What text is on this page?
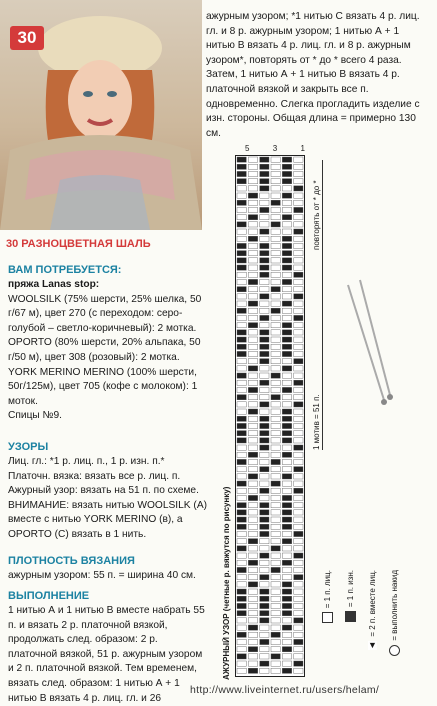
30
ажурным узором; *1 нитью С вязать 4 р. лиц. гл. и 8 р. ажурным узором; 1 нитью А + 1 нитью В вязать 4 р. лиц. гл. и 8 р. ажурным узором*, повторять от * до * всего 4 раза. Затем, 1 нитью А + 1 нитью В вязать 4 р. платочной вязкой и закрыть все п. одновременно. Слегка прогладить изделие с изн. стороны. Общая длина = примерно 130 см.
30 РАЗНОЦВЕТНАЯ ШАЛЬ
ВАМ ПОТРЕБУЕТСЯ:
пряжа Lanas stop:
WOOLSILK (75% шерсти, 25% шелка, 50 г/67 м), цвет 270 (с переходом: серо-голубой – светло-коричневый): 2 мотка.
OPORTO (80% шерсти, 20% альпака, 50 г/50 м), цвет 308 (розовый): 2 мотка.
YORK MERINO MERINO (100% шерсти, 50г/125м), цвет 705 (кофе с молоком): 1 моток.
Спицы №9.
УЗОРЫ
Лиц. гл.: *1 р. лиц. п., 1 р. изн. п.*
Платочн. вязка: вязать все р. лиц. п.
Ажурный узор: вязать на 51 п. по схеме.
ВНИМАНИЕ: вязать нитью WOOLSILK (А) вместе с нитью YORK MERINO (в), а OPORTO (С) вязать в 1 нить.
ПЛОТНОСТЬ ВЯЗАНИЯ
ажурным узором: 55 п. = ширина 40 см.
ВЫПОЛНЕНИЕ
1 нитью А и 1 нитью В вместе набрать 55 п. и вязать 2 р. платочной вязкой, продолжать след. образом: 2 р. платочной вязкой, 51 р. ажурным узором и 2 п. платочной вязкой. Тем временем, вязать след. образом: 1 нитью А + 1 нитью В вязать 4 р. лиц. гл. и 26
5	3	1
АЖУРНЫЙ УЗОР (четные р. вяжутся по рисунку)
1 мотив = 51 п.
повторять от * до *
= 1 п. лиц. = 1 п. изн. = 2 п. вместе лиц.
▼
= выполнить накид
http://www.liveinternet.ru/users/helam/
